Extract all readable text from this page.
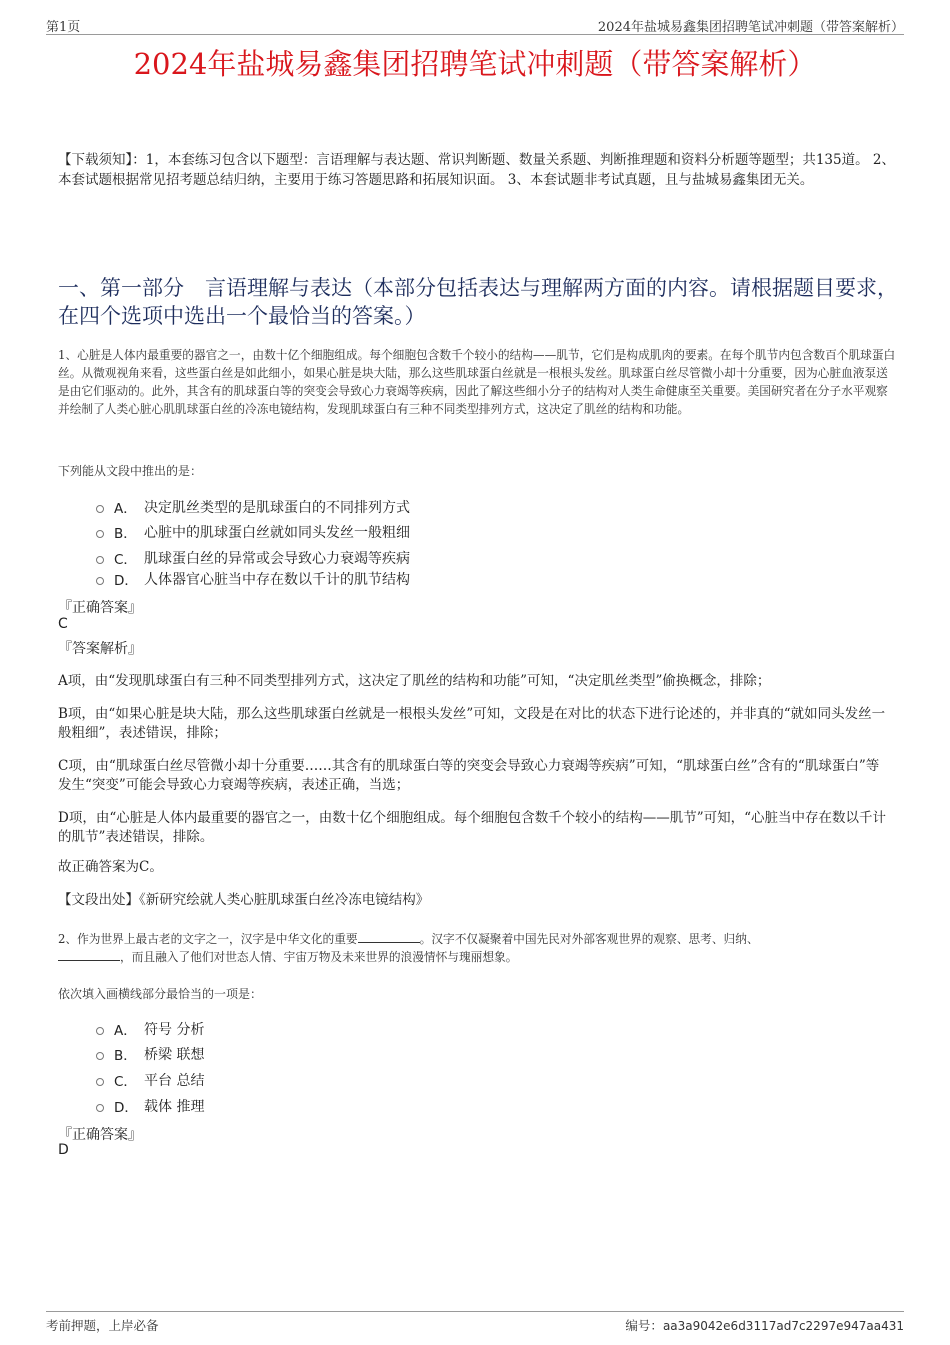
第1页	2024年盐城易鑫集团招聘笔试冲刺题（带答案解析）
2024年盐城易鑫集团招聘笔试冲刺题（带答案解析）
【下载须知】：1，本套练习包含以下题型：言语理解与表达题、常识判断题、数量关系题、判断推理题和资料分析题等题型；共135道。 2、本套试题根据常见招考题总结归纳，主要用于练习答题思路和拓展知识面。 3、本套试题非考试真题，且与盐城易鑫集团无关。
一、第一部分　言语理解与表达（本部分包括表达与理解两方面的内容。请根据题目要求，在四个选项中选出一个最恰当的答案。）
1、心脏是人体内最重要的器官之一，由数十亿个细胞组成。每个细胞包含数千个较小的结构——肌节，它们是构成肌肉的要素。在每个肌节内包含数百个肌球蛋白丝。从微观视角来看，这些蛋白丝是如此细小，如果心脏是块大陆，那么这些肌球蛋白丝就是一根根头发丝。肌球蛋白丝尽管微小却十分重要，因为心脏血液泵送是由它们驱动的。此外，其含有的肌球蛋白等的突变会导致心力衰竭等疾病，因此了解这些细小分子的结构对人类生命健康至关重要。美国研究者在分子水平观察并绘制了人类心脏心肌肌球蛋白丝的冷冻电镜结构，发现肌球蛋白有三种不同类型排列方式，这决定了肌丝的结构和功能。
下列能从文段中推出的是：
A． 决定肌丝类型的是肌球蛋白的不同排列方式
B． 心脏中的肌球蛋白丝就如同头发丝一般粗细
C． 肌球蛋白丝的异常或会导致心力衰竭等疾病
D． 人体器官心脏当中存在数以千计的肌节结构
『正确答案』
C
『答案解析』
A项，由“发现肌球蛋白有三种不同类型排列方式，这决定了肌丝的结构和功能”可知，“决定肌丝类型”偷换概念，排除；
B项，由“如果心脏是块大陆，那么这些肌球蛋白丝就是一根根头发丝”可知，文段是在对比的状态下进行论述的，并非真的“就如同头发丝一般粗细”，表述错误，排除；
C项，由“肌球蛋白丝尽管微小却十分重要……其含有的肌球蛋白等的突变会导致心力衰竭等疾病”可知，“肌球蛋白丝”含有的“肌球蛋白”等发生“突变”可能会导致心力衰竭等疾病，表述正确，当选；
D项，由“心脏是人体内最重要的器官之一，由数十亿个细胞组成。每个细胞包含数千个较小的结构——肌节”可知，“心脏当中存在数以千计的肌节”表述错误，排除。
故正确答案为C。
【文段出处】《新研究绘就人类心脏肌球蛋白丝冷冻电镜结构》
2、作为世界上最古老的文字之一，汉字是中华文化的重要	。汉字不仅凝聚着中国先民对外部客观世界的观察、思考、归纳、
，而且融入了他们对世态人情、宇宙万物及未来世界的浪漫情怀与瑰丽想象。
依次填入画横线部分最恰当的一项是：
A． 符号 分析
B． 桥梁 联想
C． 平台 总结
D． 载体 推理
『正确答案』
D
考前押题，上岸必备	编号：aa3a9042e6d3117ad7c2297e947aa431
